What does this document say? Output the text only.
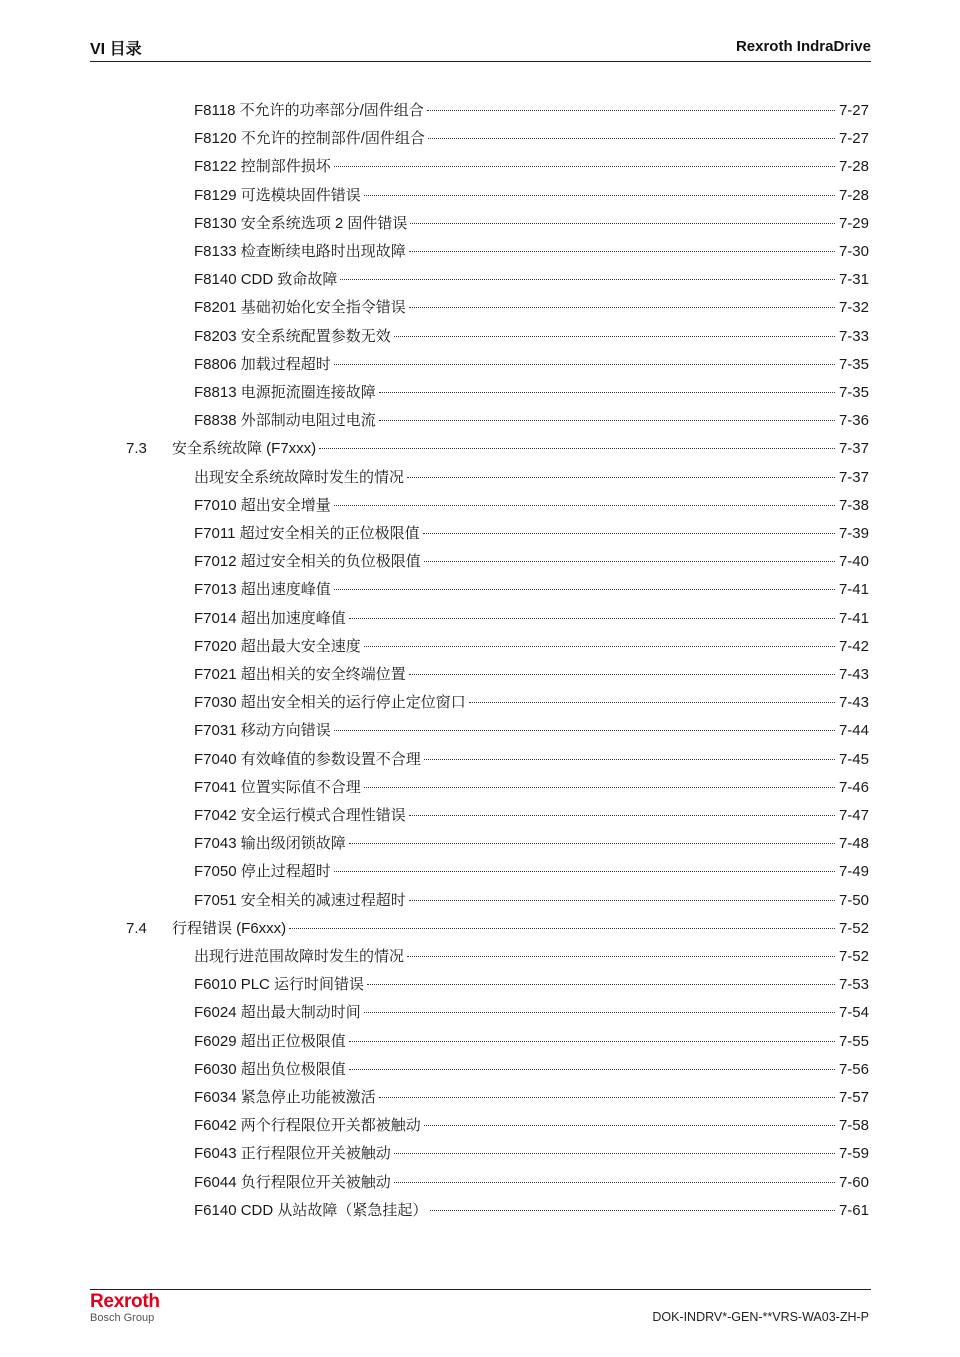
VI 目录	Rexroth IndraDrive
F8118 不允许的功率部分/固件组合	7-27
F8120 不允许的控制部件/固件组合	7-27
F8122 控制部件损坏	7-28
F8129 可选模块固件错误	7-28
F8130 安全系统选项 2 固件错误	7-29
F8133 检查断续电路时出现故障	7-30
F8140 CDD 致命故障	7-31
F8201 基础初始化安全指令错误	7-32
F8203 安全系统配置参数无效	7-33
F8806 加载过程超时	7-35
F8813 电源扼流圈连接故障	7-35
F8838 外部制动电阻过电流	7-36
7.3 安全系统故障 (F7xxx)	7-37
出现安全系统故障时发生的情况	7-37
F7010 超出安全增量	7-38
F7011 超过安全相关的正位极限值	7-39
F7012 超过安全相关的负位极限值	7-40
F7013 超出速度峰值	7-41
F7014 超出加速度峰值	7-41
F7020 超出最大安全速度	7-42
F7021 超出相关的安全终端位置	7-43
F7030 超出安全相关的运行停止定位窗口	7-43
F7031 移动方向错误	7-44
F7040 有效峰值的参数设置不合理	7-45
F7041 位置实际值不合理	7-46
F7042 安全运行模式合理性错误	7-47
F7043 输出级闭锁故障	7-48
F7050 停止过程超时	7-49
F7051 安全相关的减速过程超时	7-50
7.4 行程错误 (F6xxx)	7-52
出现行进范围故障时发生的情况	7-52
F6010 PLC 运行时间错误	7-53
F6024 超出最大制动时间	7-54
F6029 超出正位极限值	7-55
F6030 超出负位极限值	7-56
F6034 紧急停止功能被激活	7-57
F6042 两个行程限位开关都被触动	7-58
F6043 正行程限位开关被触动	7-59
F6044 负行程限位开关被触动	7-60
F6140 CDD 从站故障（紧急挂起）	7-61
Rexroth
Bosch Group	DOK-INDRV*-GEN-**VRS-WA03-ZH-P
